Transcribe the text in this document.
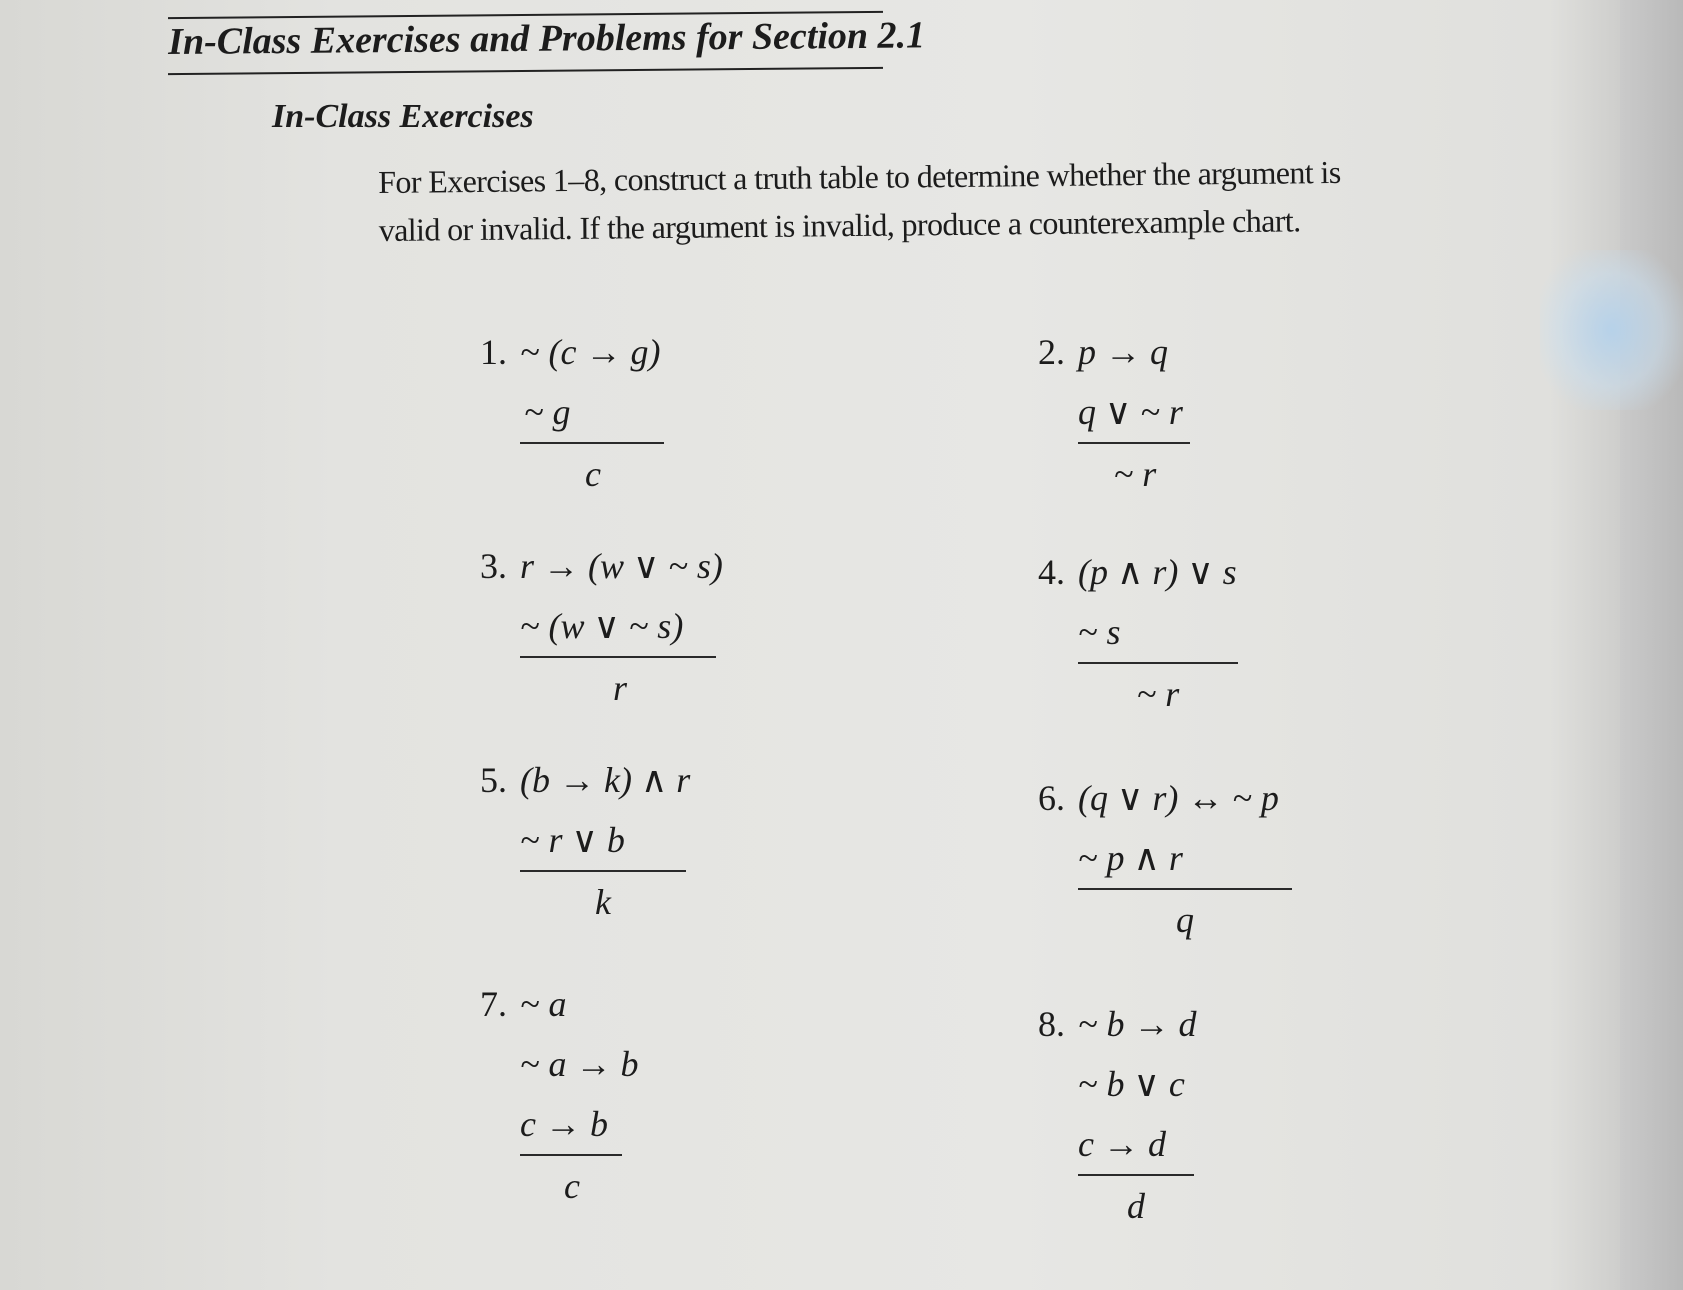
In-Class Exercises and Problems for Section 2.1
In-Class Exercises
For Exercises 1–8, construct a truth table to determine whether the argument is valid or invalid. If the argument is invalid, produce a counterexample chart.
1. ~ (c → g)
~ g
c
2. p → q
q ∨ ~ r
~ r
3. r → (w ∨ ~ s)
~ (w ∨ ~ s)
r
4. (p ∧ r) ∨ s
~ s
~ r
5. (b → k) ∧ r
~ r ∨ b
k
6. (q ∨ r) ↔ ~ p
~ p ∧ r
q
7. ~ a
~ a → b
c → b
c
8. ~ b → d
~ b ∨ c
c → d
d
